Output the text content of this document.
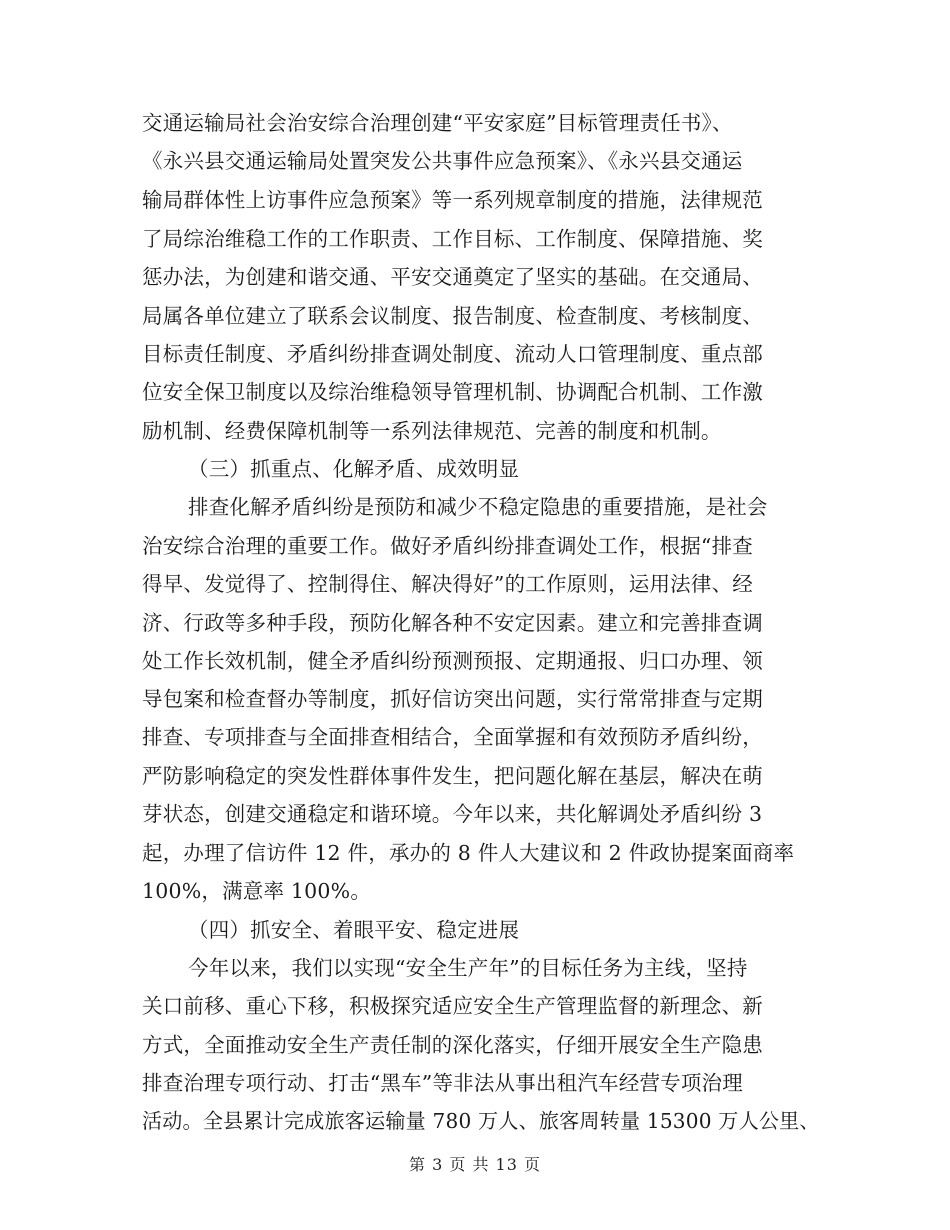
交通运输局社会治安综合治理创建“平安家庭”目标管理责任书》、
《永兴县交通运输局处置突发公共事件应急预案》、《永兴县交通运
输局群体性上访事件应急预案》等一系列规章制度的措施，法律规范
了局综治维稳工作的工作职责、工作目标、工作制度、保障措施、奖
惩办法，为创建和谐交通、平安交通奠定了坚实的基础。在交通局、
局属各单位建立了联系会议制度、报告制度、检查制度、考核制度、
目标责任制度、矛盾纠纷排查调处制度、流动人口管理制度、重点部
位安全保卫制度以及综治维稳领导管理机制、协调配合机制、工作激
励机制、经费保障机制等一系列法律规范、完善的制度和机制。
（三）抓重点、化解矛盾、成效明显
排查化解矛盾纠纷是预防和减少不稳定隐患的重要措施，是社会
治安综合治理的重要工作。做好矛盾纠纷排查调处工作，根据“排查
得早、发觉得了、控制得住、解决得好”的工作原则，运用法律、经
济、行政等多种手段，预防化解各种不安定因素。建立和完善排查调
处工作长效机制，健全矛盾纠纷预测预报、定期通报、归口办理、领
导包案和检查督办等制度，抓好信访突出问题，实行常常排查与定期
排查、专项排查与全面排查相结合，全面掌握和有效预防矛盾纠纷，
严防影响稳定的突发性群体事件发生，把问题化解在基层，解决在萌
芽状态，创建交通稳定和谐环境。今年以来，共化解调处矛盾纠纷 3
起，办理了信访件 12 件，承办的 8 件人大建议和 2 件政协提案面商率
100%，满意率 100%。
（四）抓安全、着眼平安、稳定进展
今年以来，我们以实现“安全生产年”的目标任务为主线，坚持
关口前移、重心下移，积极探究适应安全生产管理监督的新理念、新
方式，全面推动安全生产责任制的深化落实，仔细开展安全生产隐患
排查治理专项行动、打击“黑车”等非法从事出租汽车经营专项治理
活动。全县累计完成旅客运输量 780 万人、旅客周转量 15300 万人公里、
第 3 页 共 13 页
